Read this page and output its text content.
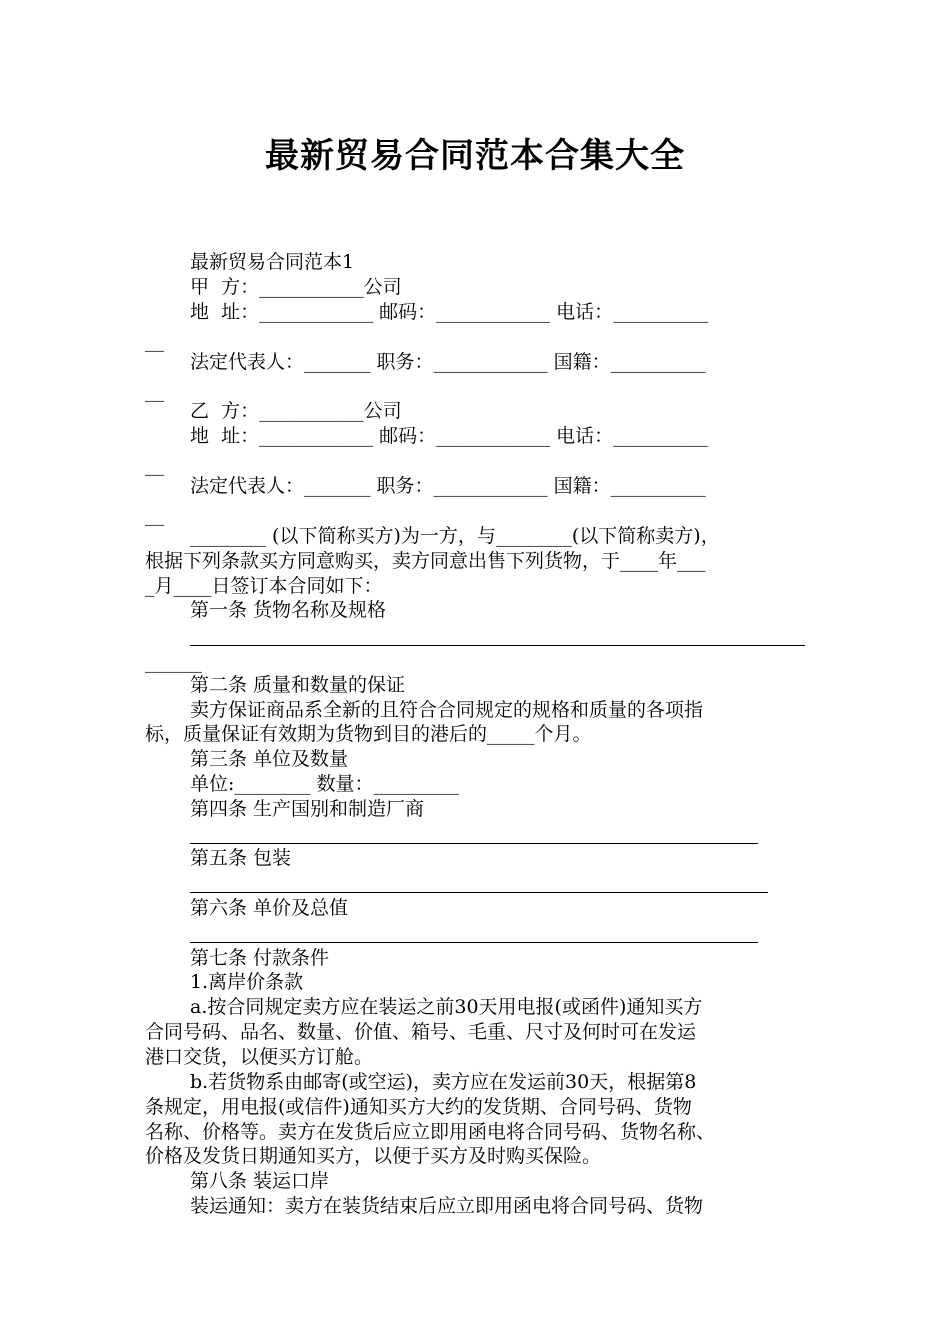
最新贸易合同范本合集大全
最新贸易合同范本1
甲  方：___________公司
地  址：____________ 邮码：____________ 电话：__________
__
法定代表人：_______ 职务：____________ 国籍：__________
__
乙  方：___________公司
地  址：____________ 邮码：____________ 电话：__________
__
法定代表人：_______ 职务：____________ 国籍：__________
__
________ (以下简称买方)为一方，与________(以下简称卖方)，
根据下列条款买方同意购买，卖方同意出售下列货物，于____年___
_月____日签订本合同如下：
第一条 货物名称及规格
______
第二条 质量和数量的保证
卖方保证商品系全新的且符合合同规定的规格和质量的各项指
标，质量保证有效期为货物到目的港后的_____个月。
第三条 单位及数量
单位:________ 数量：_________
第四条 生产国别和制造厂商
第五条 包装
第六条 单价及总值
第七条 付款条件
1.离岸价条款
a.按合同规定卖方应在装运之前30天用电报(或函件)通知买方
合同号码、品名、数量、价值、箱号、毛重、尺寸及何时可在发运
港口交货，以便买方订舱。
b.若货物系由邮寄(或空运)，卖方应在发运前30天，根据第8
条规定，用电报(或信件)通知买方大约的发货期、合同号码、货物
名称、价格等。卖方在发货后应立即用函电将合同号码、货物名称、
价格及发货日期通知买方，以便于买方及时购买保险。
第八条 装运口岸
装运通知：卖方在装货结束后应立即用函电将合同号码、货物
